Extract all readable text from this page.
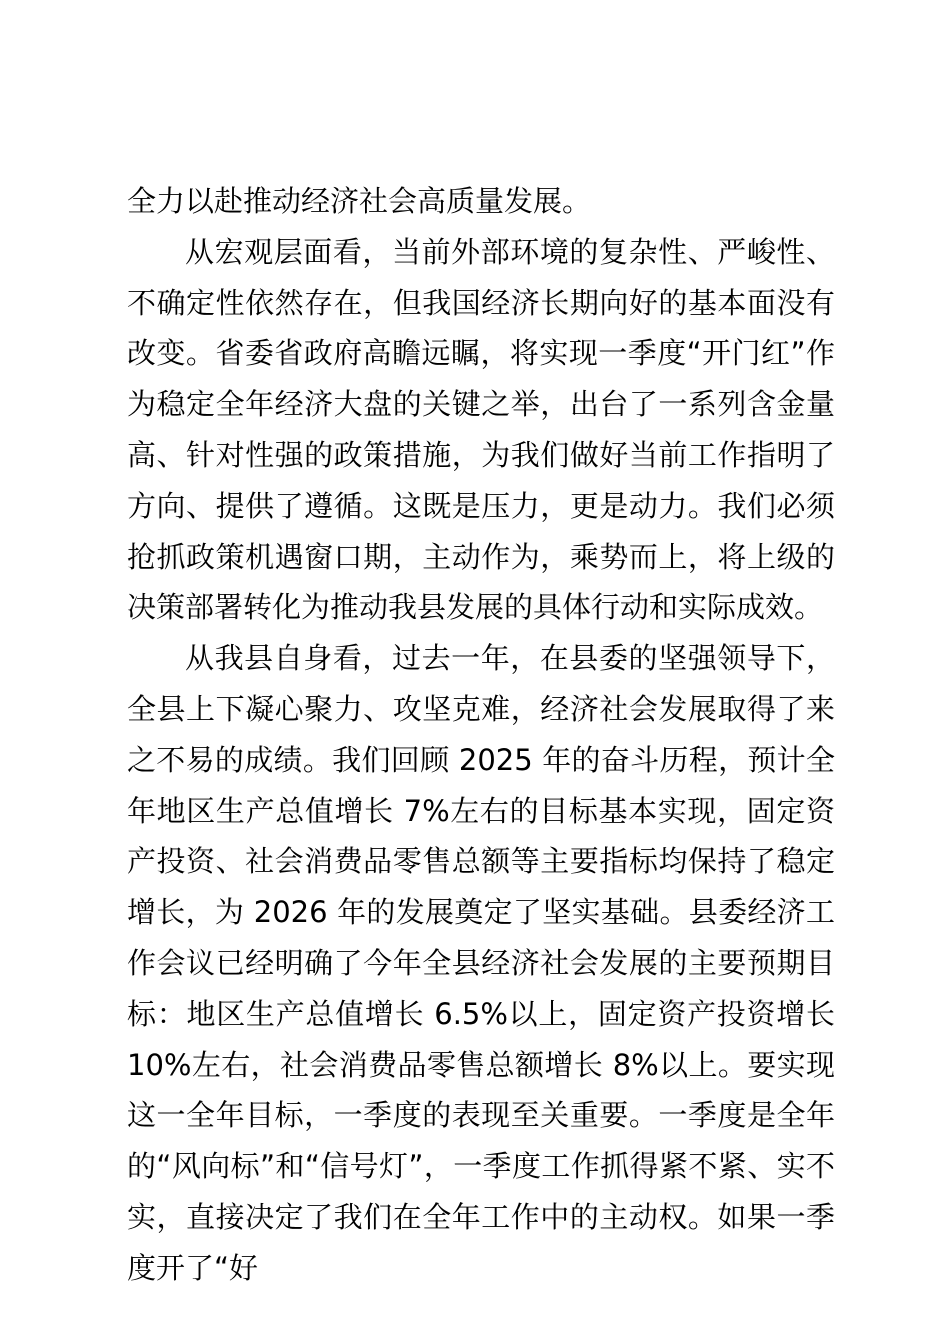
全力以赴推动经济社会高质量发展。

从宏观层面看，当前外部环境的复杂性、严峻性、不确定性依然存在，但我国经济长期向好的基本面没有改变。省委省政府高瞻远瞩，将实现一季度“开门红”作为稳定全年经济大盘的关键之举，出台了一系列含金量高、针对性强的政策措施，为我们做好当前工作指明了方向、提供了遵循。这既是压力，更是动力。我们必须抢抓政策机遇窗口期，主动作为，乘势而上，将上级的决策部署转化为推动我县发展的具体行动和实际成效。

从我县自身看，过去一年，在县委的坚强领导下，全县上下凝心聚力、攻坚克难，经济社会发展取得了来之不易的成绩。我们回顾 2025 年的奋斗历程，预计全年地区生产总值增长 7%左右的目标基本实现，固定资产投资、社会消费品零售总额等主要指标均保持了稳定增长，为 2026 年的发展奠定了坚实基础。县委经济工作会议已经明确了今年全县经济社会发展的主要预期目标：地区生产总值增长 6.5%以上，固定资产投资增长 10%左右，社会消费品零售总额增长 8%以上。要实现这一全年目标，一季度的表现至关重要。一季度是全年的“风向标”和“信号灯”，一季度工作抓得紧不紧、实不实，直接决定了我们在全年工作中的主动权。如果一季度开了“好
